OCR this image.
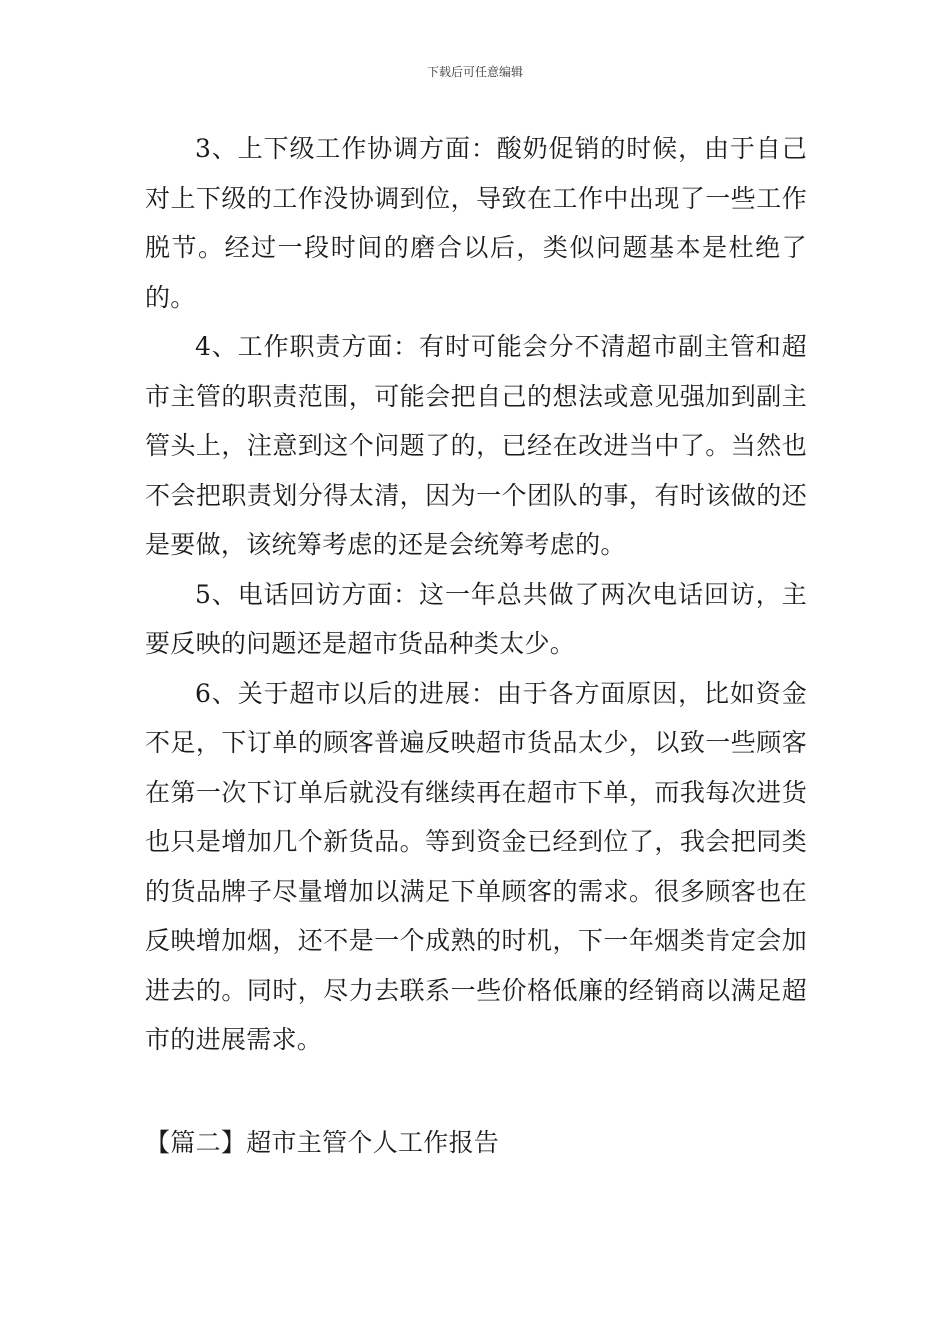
下载后可任意编辑

3、上下级工作协调方面：酸奶促销的时候，由于自己对上下级的工作没协调到位，导致在工作中出现了一些工作脱节。经过一段时间的磨合以后，类似问题基本是杜绝了的。

4、工作职责方面：有时可能会分不清超市副主管和超市主管的职责范围，可能会把自己的想法或意见强加到副主管头上，注意到这个问题了的，已经在改进当中了。当然也不会把职责划分得太清，因为一个团队的事，有时该做的还是要做，该统筹考虑的还是会统筹考虑的。

5、电话回访方面：这一年总共做了两次电话回访，主要反映的问题还是超市货品种类太少。

6、关于超市以后的进展：由于各方面原因，比如资金不足，下订单的顾客普遍反映超市货品太少，以致一些顾客在第一次下订单后就没有继续再在超市下单，而我每次进货也只是增加几个新货品。等到资金已经到位了，我会把同类的货品牌子尽量增加以满足下单顾客的需求。很多顾客也在反映增加烟，还不是一个成熟的时机，下一年烟类肯定会加进去的。同时，尽力去联系一些价格低廉的经销商以满足超市的进展需求。

【篇二】超市主管个人工作报告
